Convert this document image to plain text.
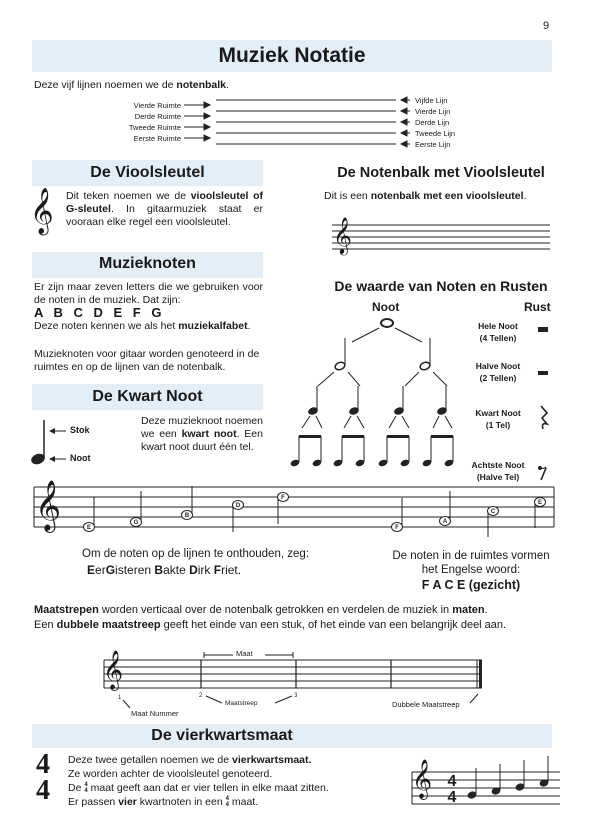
9
Muziek Notatie
Deze vijf lijnen noemen we de notenbalk.
Vierde Ruimte
Derde Ruimte
Tweede Ruimte
Eerste Ruimte
Vijfde Lijn
Vierde Lijn
Derde Lijn
Tweede Lijn
Eerste Lijn
De Vioolsleutel
𝄞 Dit teken noemen we de vioolsleutel of G-sleutel. In gitaarmuziek staat er vooraan elke regel een vioolsleutel.
De Notenbalk met Vioolsleutel
Dit is een notenbalk met een vioolsleutel.
𝄞
Muzieknoten
Er zijn maar zeven letters die we gebruiken voor de noten in de muziek. Dat zijn:
A B C D E F G
Deze noten kennen we als het muziekalfabet.
Muzieknoten voor gitaar worden genoteerd in de ruimtes en op de lijnen van de notenbalk.
De waarde van Noten en Rusten
Noot	Rust
Hele Noot
(4 Tellen)
Halve Noot
(2 Tellen)
Kwart Noot
(1 Tel)
Achtste Noot
(Halve Tel)
De Kwart Noot
Stok
Noot
Deze muzieknoot noemen we een kwart noot. Een kwart noot duurt één tel.
E
G
B
D
F
F
A
C
E
𝄞
Om de noten op de lijnen te onthouden, zeg:
EerGisteren Bakte Dirk Friet.
De noten in de ruimtes vormen het Engelse woord:
F A C E (gezicht)
Maatstrepen worden verticaal over de notenbalk getrokken en verdelen de muziek in maten.
Een dubbele maatstreep geeft het einde van een stuk, of het einde van een belangrijk deel aan.
1	2	3
𝄞	Maat
Maatstreep	Dubbele Maatstreep
Maat Nummer
De vierkwartsmaat
4
4
Deze twee getallen noemen we de vierkwartsmaat.
Ze worden achter de vioolsleutel genoteerd.
De 4
4 maat geeft aan dat er vier tellen in elke maat zitten.
Er passen vier kwartnoten in een 4
4 maat.
4
4
𝄞
